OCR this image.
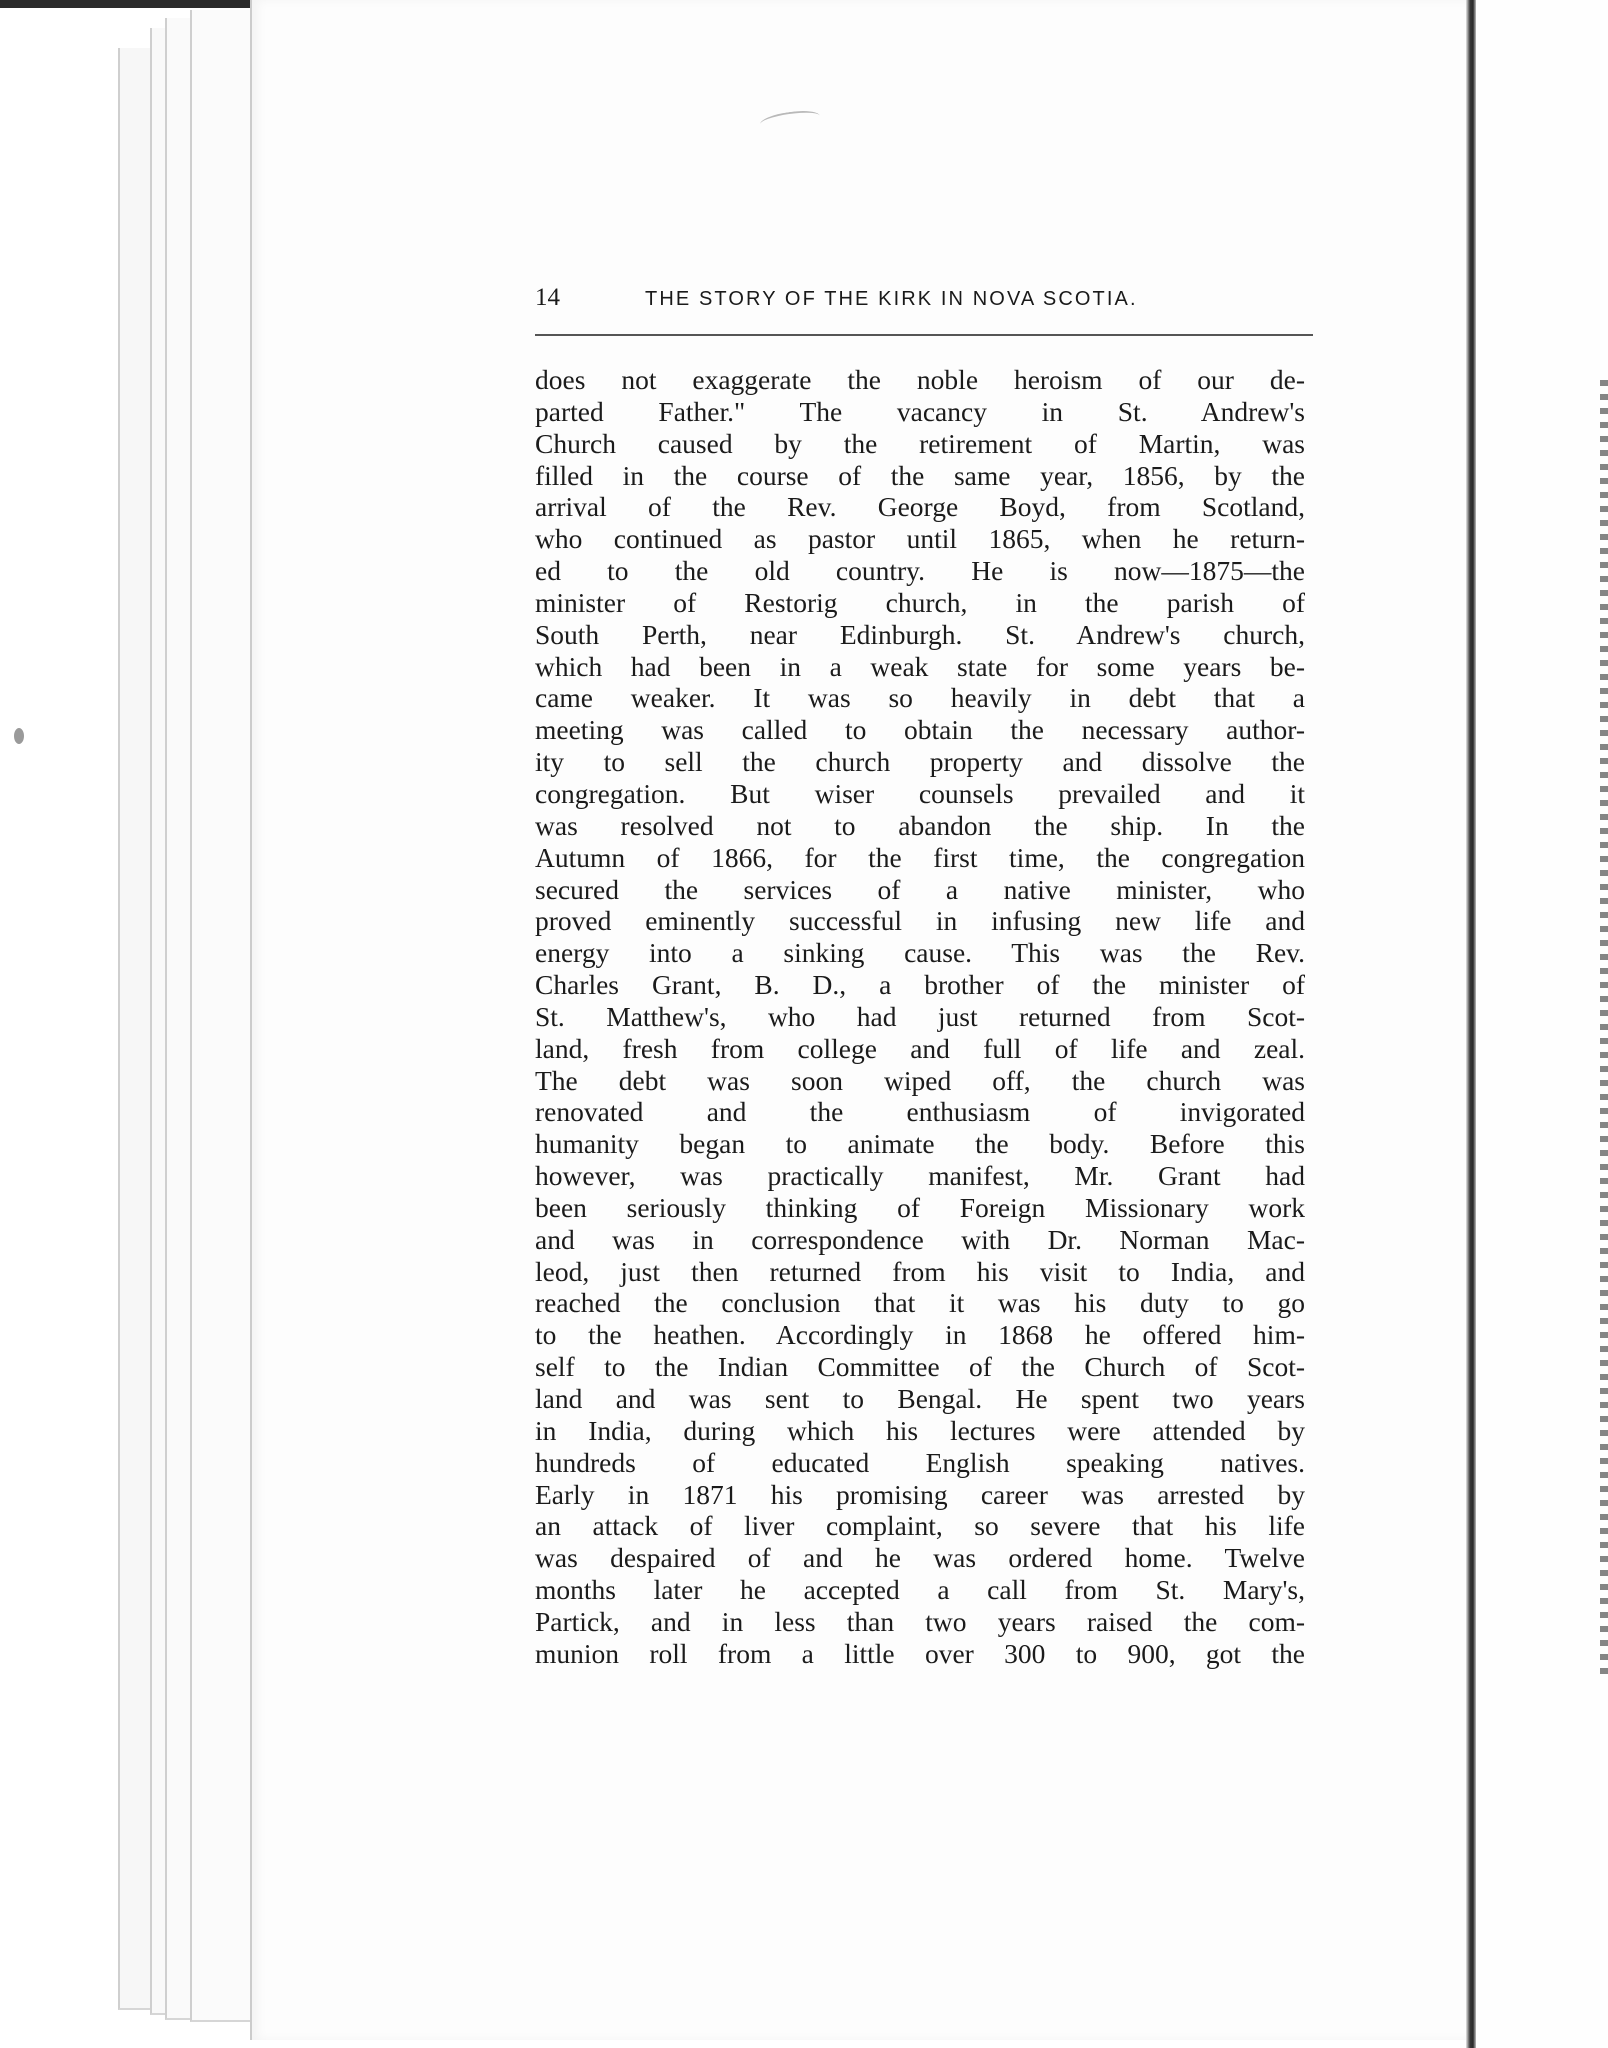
14	THE STORY OF THE KIRK IN NOVA SCOTIA.
does not exaggerate the noble heroism of our de-
parted Father." The vacancy in St. Andrew's
Church caused by the retirement of Martin, was
filled in the course of the same year, 1856, by the
arrival of the Rev. George Boyd, from Scotland,
who continued as pastor until 1865, when he return-
ed to the old country. He is now—1875—the
minister of Restorig church, in the parish of
South Perth, near Edinburgh. St. Andrew's church,
which had been in a weak state for some years be-
came weaker. It was so heavily in debt that a
meeting was called to obtain the necessary author-
ity to sell the church property and dissolve the
congregation. But wiser counsels prevailed and it
was resolved not to abandon the ship. In the
Autumn of 1866, for the first time, the congregation
secured the services of a native minister, who
proved eminently successful in infusing new life and
energy into a sinking cause. This was the Rev.
Charles Grant, B. D., a brother of the minister of
St. Matthew's, who had just returned from Scot-
land, fresh from college and full of life and zeal.
The debt was soon wiped off, the church was
renovated and the enthusiasm of invigorated
humanity began to animate the body. Before this
however, was practically manifest, Mr. Grant had
been seriously thinking of Foreign Missionary work
and was in correspondence with Dr. Norman Mac-
leod, just then returned from his visit to India, and
reached the conclusion that it was his duty to go
to the heathen. Accordingly in 1868 he offered him-
self to the Indian Committee of the Church of Scot-
land and was sent to Bengal. He spent two years
in India, during which his lectures were attended by
hundreds of educated English speaking natives.
Early in 1871 his promising career was arrested by
an attack of liver complaint, so severe that his life
was despaired of and he was ordered home. Twelve
months later he accepted a call from St. Mary's,
Partick, and in less than two years raised the com-
munion roll from a little over 300 to 900, got the
